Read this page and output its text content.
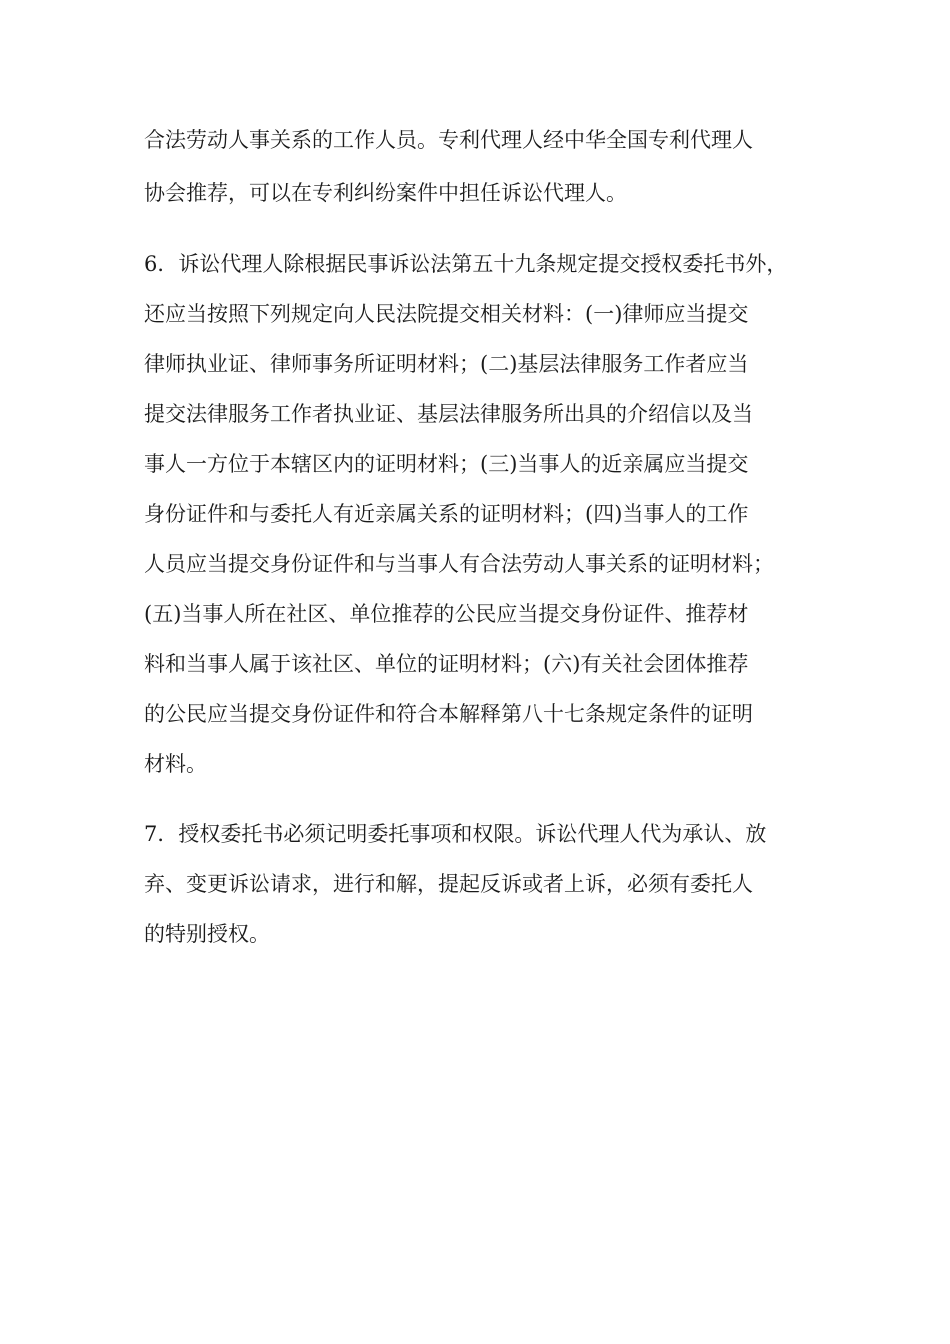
合法劳动人事关系的工作人员。专利代理人经中华全国专利代理人
协会推荐，可以在专利纠纷案件中担任诉讼代理人。
6．诉讼代理人除根据民事诉讼法第五十九条规定提交授权委托书外，
还应当按照下列规定向人民法院提交相关材料：(一)律师应当提交
律师执业证、律师事务所证明材料；(二)基层法律服务工作者应当
提交法律服务工作者执业证、基层法律服务所出具的介绍信以及当
事人一方位于本辖区内的证明材料；(三)当事人的近亲属应当提交
身份证件和与委托人有近亲属关系的证明材料；(四)当事人的工作
人员应当提交身份证件和与当事人有合法劳动人事关系的证明材料；
(五)当事人所在社区、单位推荐的公民应当提交身份证件、推荐材
料和当事人属于该社区、单位的证明材料；(六)有关社会团体推荐
的公民应当提交身份证件和符合本解释第八十七条规定条件的证明
材料。
7．授权委托书必须记明委托事项和权限。诉讼代理人代为承认、放
弃、变更诉讼请求，进行和解，提起反诉或者上诉，必须有委托人
的特别授权。
